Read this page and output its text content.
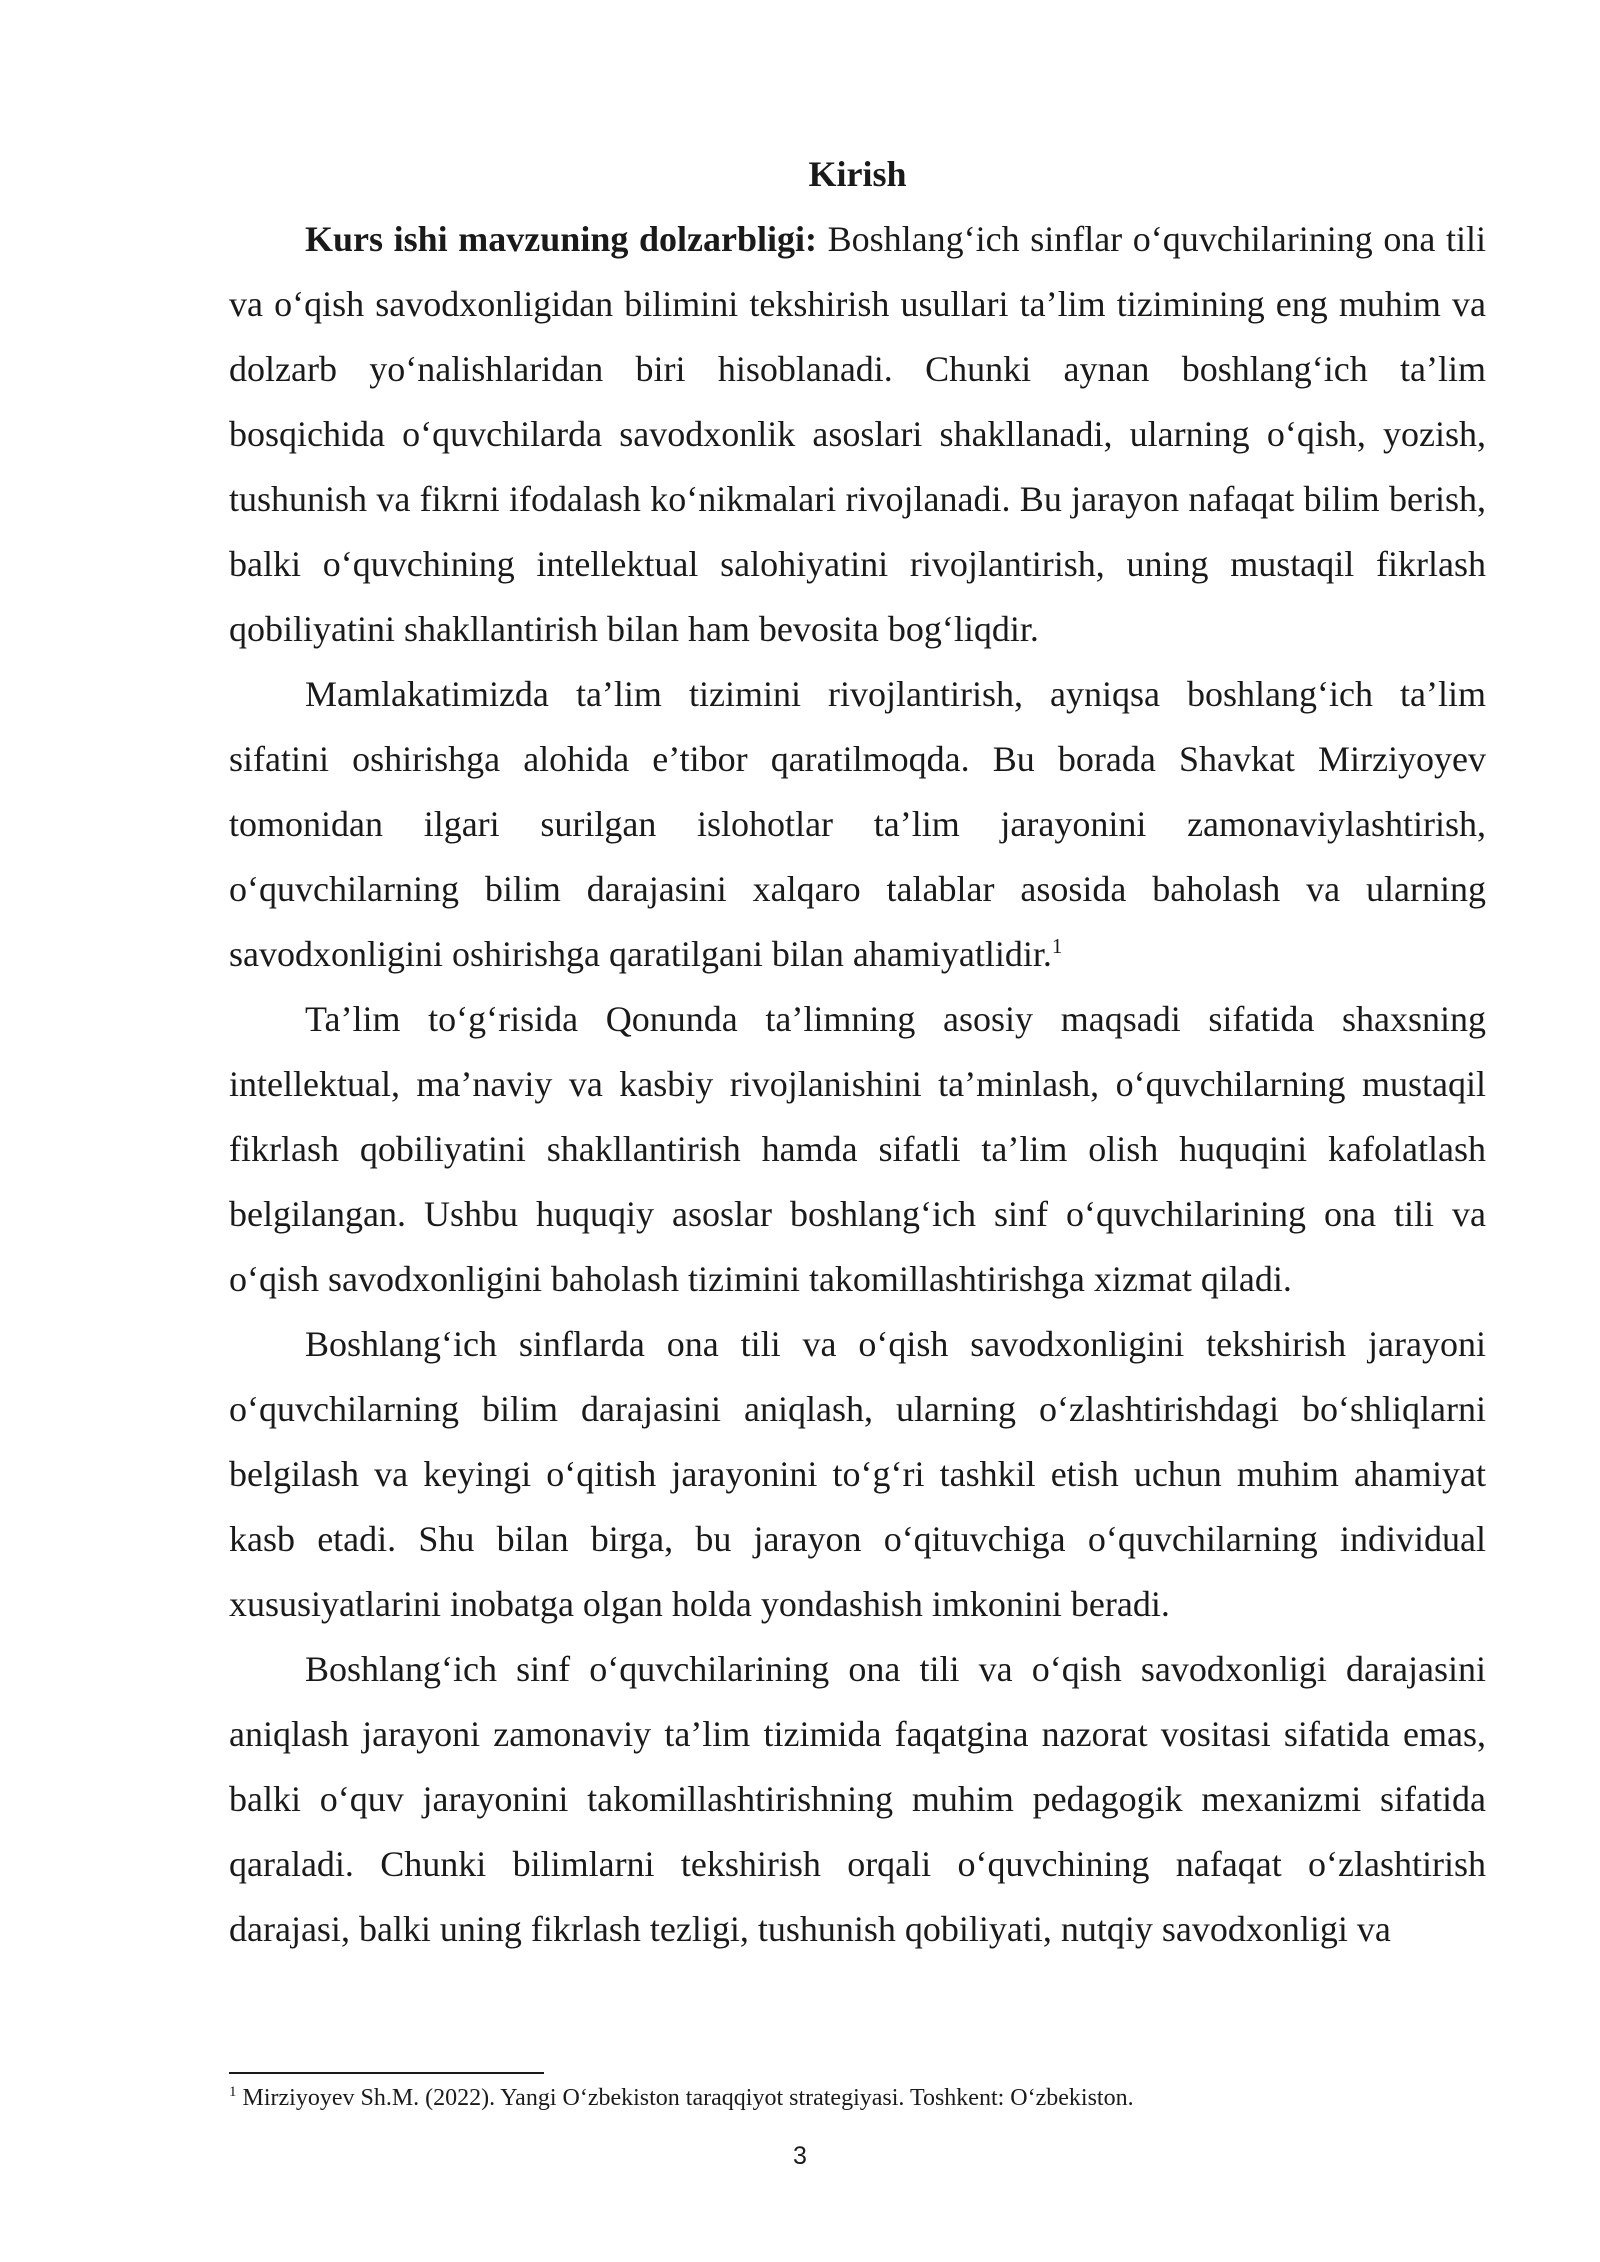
Kirish

Kurs ishi mavzuning dolzarbligi: Boshlang‘ich sinflar o‘quvchilarining ona tili va o‘qish savodxonligidan bilimini tekshirish usullari ta’lim tizimining eng muhim va dolzarb yo‘nalishlaridan biri hisoblanadi. Chunki aynan boshlang‘ich ta’lim bosqichida o‘quvchilarda savodxonlik asoslari shakllanadi, ularning o‘qish, yozish, tushunish va fikrni ifodalash ko‘nikmalari rivojlanadi. Bu jarayon nafaqat bilim berish, balki o‘quvchining intellektual salohiyatini rivojlantirish, uning mustaqil fikrlash qobiliyatini shakllantirish bilan ham bevosita bog‘liqdir.

Mamlakatimizda ta’lim tizimini rivojlantirish, ayniqsa boshlang‘ich ta’lim sifatini oshirishga alohida e’tibor qaratilmoqda. Bu borada Shavkat Mirziyoyev tomonidan ilgari surilgan islohotlar ta’lim jarayonini zamonaviylashtirish, o‘quvchilarning bilim darajasini xalqaro talablar asosida baholash va ularning savodxonligini oshirishga qaratilgani bilan ahamiyatlidir.$^1$

Ta’lim to‘g‘risida Qonunda ta’limning asosiy maqsadi sifatida shaxsning intellektual, ma’naviy va kasbiy rivojlanishini ta’minlash, o‘quvchilarning mustaqil fikrlash qobiliyatini shakllantirish hamda sifatli ta’lim olish huquqini kafolatlash belgilangan. Ushbu huquqiy asoslar boshlang‘ich sinf o‘quvchilarining ona tili va o‘qish savodxonligini baholash tizimini takomillashtirishga xizmat qiladi.

Boshlang‘ich sinflarda ona tili va o‘qish savodxonligini tekshirish jarayoni o‘quvchilarning bilim darajasini aniqlash, ularning o‘zlashtirishdagi bo‘shliqlarni belgilash va keyingi o‘qitish jarayonini to‘g‘ri tashkil etish uchun muhim ahamiyat kasb etadi. Shu bilan birga, bu jarayon o‘qituvchiga o‘quvchilarning individual xususiyatlarini inobatga olgan holda yondashish imkonini beradi.

Boshlang‘ich sinf o‘quvchilarining ona tili va o‘qish savodxonligi darajasini aniqlash jarayoni zamonaviy ta’lim tizimida faqatgina nazorat vositasi sifatida emas, balki o‘quv jarayonini takomillashtirishning muhim pedagogik mexanizmi sifatida qaraladi. Chunki bilimlarni tekshirish orqali o‘quvchining nafaqat o‘zlashtirish darajasi, balki uning fikrlash tezligi, tushunish qobiliyati, nutqiy savodxonligi va

$^1$ Mirziyoyev Sh.M. (2022). Yangi O‘zbekiston taraqqiyot strategiyasi. Toshkent: O‘zbekiston.

3
